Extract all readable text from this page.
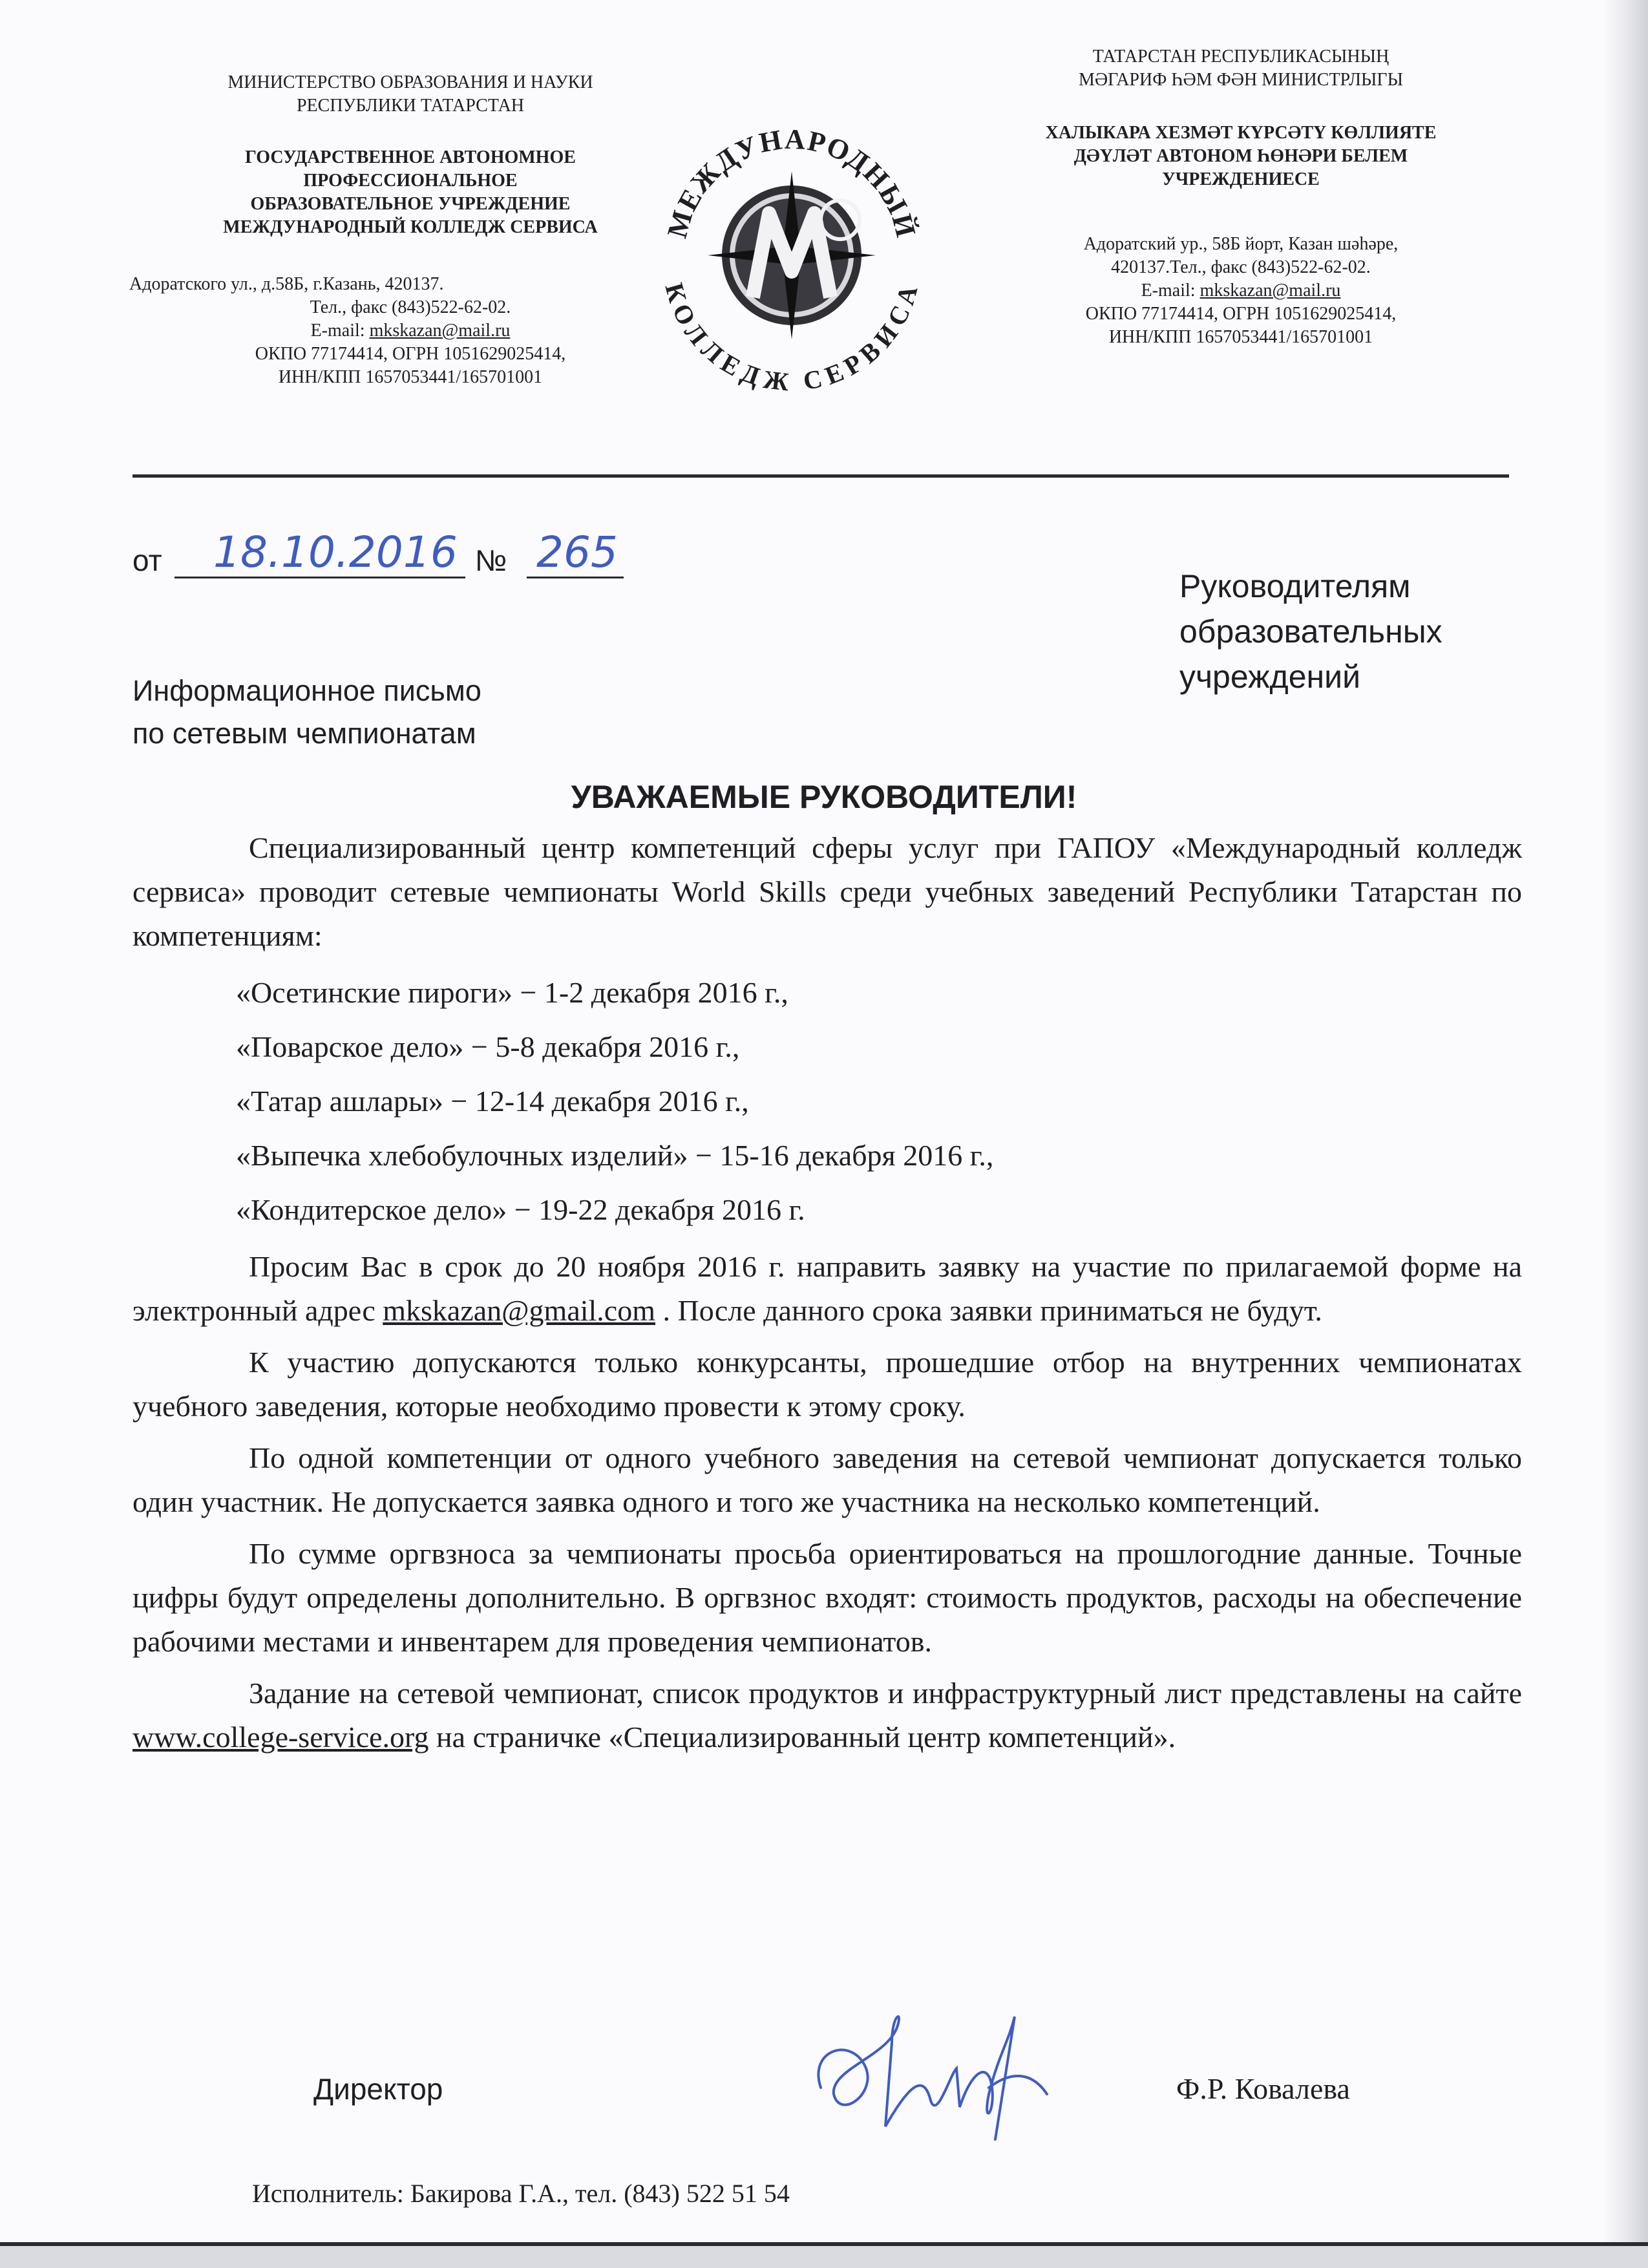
МИНИСТЕРСТВО ОБРАЗОВАНИЯ И НАУКИ
РЕСПУБЛИКИ ТАТАРСТАН
ГОСУДАРСТВЕННОЕ АВТОНОМНОЕ
ПРОФЕССИОНАЛЬНОЕ
ОБРАЗОВАТЕЛЬНОЕ УЧРЕЖДЕНИЕ
МЕЖДУНАРОДНЫЙ КОЛЛЕДЖ СЕРВИСА
Адоратского ул., д.58Б, г.Казань, 420137.
Тел., факс (843)522-62-02.
E-mail: mkskazan@mail.ru
ОКПО 77174414, ОГРН 1051629025414,
ИНН/КПП 1657053441/165701001
МЕЖДУНАРОДНЫЙ
КОЛЛЕДЖ СЕРВИСА
ТАТАРСТАН РЕСПУБЛИКАСЫНЫҢ
МӘГАРИФ ҺӘМ ФӘН МИНИСТРЛЫГЫ
ХАЛЫКАРА ХЕЗМӘТ КҮРСӘТҮ КӨЛЛИЯТЕ
ДӘҮЛӘТ АВТОНОМ ҺӨНӘРИ БЕЛЕМ
УЧРЕЖДЕНИЕСЕ
Адоратский ур., 58Б йорт, Казан шәһәре,
420137.Тел., факс (843)522-62-02.
E-mail: mkskazan@mail.ru
ОКПО 77174414, ОГРН 1051629025414,
ИНН/КПП 1657053441/165701001
от 18.10.2016 № 265
Руководителям
образовательных
учреждений
Информационное письмо
по сетевым чемпионатам
УВАЖАЕМЫЕ РУКОВОДИТЕЛИ!

Специализированный центр компетенций сферы услуг при ГАПОУ «Международный колледж сервиса» проводит сетевые чемпионаты World Skills среди учебных заведений Республики Татарстан по компетенциям:

«Осетинские пироги» − 1-2 декабря 2016 г.,
«Поварское дело» − 5-8 декабря 2016 г.,
«Татар ашлары» − 12-14 декабря 2016 г.,
«Выпечка хлебобулочных изделий» − 15-16 декабря 2016 г.,
«Кондитерское дело» − 19-22 декабря 2016 г.

Просим Вас в срок до 20 ноября 2016 г. направить заявку на участие по прилагаемой форме на электронный адрес mkskazan@gmail.com . После данного срока заявки приниматься не будут.

К участию допускаются только конкурсанты, прошедшие отбор на внутренних чемпионатах учебного заведения, которые необходимо провести к этому сроку.

По одной компетенции от одного учебного заведения на сетевой чемпионат допускается только один участник. Не допускается заявка одного и того же участника на несколько компетенций.

По сумме оргвзноса за чемпионаты просьба ориентироваться на прошлогодние данные. Точные цифры будут определены дополнительно. В оргвзнос входят: стоимость продуктов, расходы на обеспечение рабочими местами и инвентарем для проведения чемпионатов.

Задание на сетевой чемпионат, список продуктов и инфраструктурный лист представлены на сайте www.college-service.org на страничке «Специализированный центр компетенций».

Директор	Ф.Р. Ковалева
Исполнитель: Бакирова Г.А., тел. (843) 522 51 54
